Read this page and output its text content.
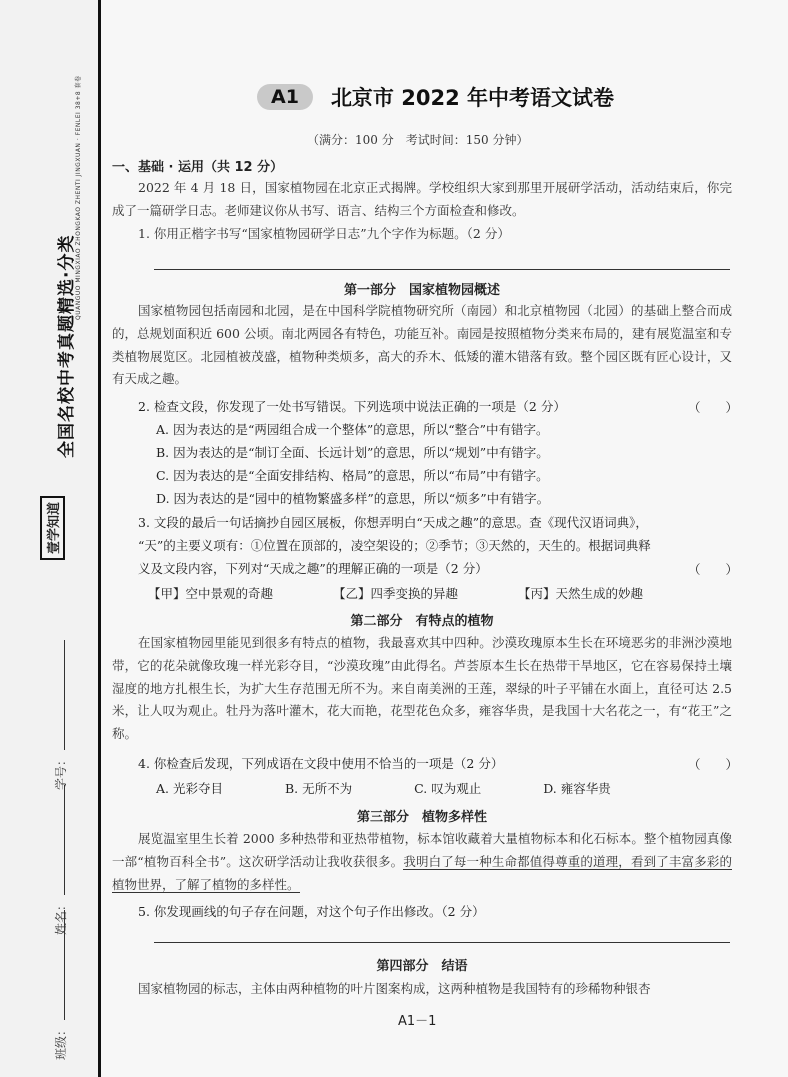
QUANGUO MINGXIAO ZHONGKAO ZHENTI JINGXUAN · FENLEI 38+8 套卷
全国名校中考真题精选·分类
壹学知道
学号：
姓名：
班级：
A1	北京市 2022 年中考语文试卷
（满分：100 分　考试时间：150 分钟）
一、基础 · 运用（共 12 分）

2022 年 4 月 18 日，国家植物园在北京正式揭牌。学校组织大家到那里开展研学活动，活动结束后，你完成了一篇研学日志。老师建议你从书写、语言、结构三个方面检查和修改。

1. 你用正楷字书写“国家植物园研学日志”九个字作为标题。（2 分）

第一部分　国家植物园概述

国家植物园包括南园和北园，是在中国科学院植物研究所（南园）和北京植物园（北园）的基础上整合而成的，总规划面积近 600 公顷。南北两园各有特色，功能互补。南园是按照植物分类来布局的，建有展览温室和专类植物展览区。北园植被茂盛，植物种类烦多，高大的乔木、低矮的灌木错落有致。整个园区既有匠心设计，又有天成之趣。

2. 检查文段，你发现了一处书写错误。下列选项中说法正确的一项是（2 分）	（　　）
A. 因为表达的是“两园组合成一个整体”的意思，所以“整合”中有错字。
B. 因为表达的是“制订全面、长远计划”的意思，所以“规划”中有错字。
C. 因为表达的是“全面安排结构、格局”的意思，所以“布局”中有错字。
D. 因为表达的是“园中的植物繁盛多样”的意思，所以“烦多”中有错字。
3. 文段的最后一句话摘抄自园区展板，你想弄明白“天成之趣”的意思。查《现代汉语词典》，
“天”的主要义项有：①位置在顶部的，凌空架设的；②季节；③天然的，天生的。根据词典释
义及文段内容，下列对“天成之趣”的理解正确的一项是（2 分）	（　　）
【甲】空中景观的奇趣	【乙】四季变换的异趣	【丙】天然生成的妙趣
第二部分　有特点的植物

在国家植物园里能见到很多有特点的植物，我最喜欢其中四种。沙漠玫瑰原本生长在环境恶劣的非洲沙漠地带，它的花朵就像玫瑰一样光彩夺目，“沙漠玫瑰”由此得名。芦荟原本生长在热带干旱地区，它在容易保持土壤湿度的地方扎根生长，为扩大生存范围无所不为。来自南美洲的王莲，翠绿的叶子平铺在水面上，直径可达 2.5 米，让人叹为观止。牡丹为落叶灌木，花大而艳，花型花色众多，雍容华贵，是我国十大名花之一，有“花王”之称。

4. 你检查后发现，下列成语在文段中使用不恰当的一项是（2 分）	（　　）
A. 光彩夺目	B. 无所不为	C. 叹为观止	D. 雍容华贵
第三部分　植物多样性

展览温室里生长着 2000 多种热带和亚热带植物，标本馆收藏着大量植物标本和化石标本。整个植物园真像一部“植物百科全书”。这次研学活动让我收获很多。我明白了每一种生命都值得尊重的道理，看到了丰富多彩的植物世界，了解了植物的多样性。

5. 你发现画线的句子存在问题，对这个句子作出修改。（2 分）
第四部分　结语

国家植物园的标志，主体由两种植物的叶片图案构成，这两种植物是我国特有的珍稀物种银杏

A1－1
